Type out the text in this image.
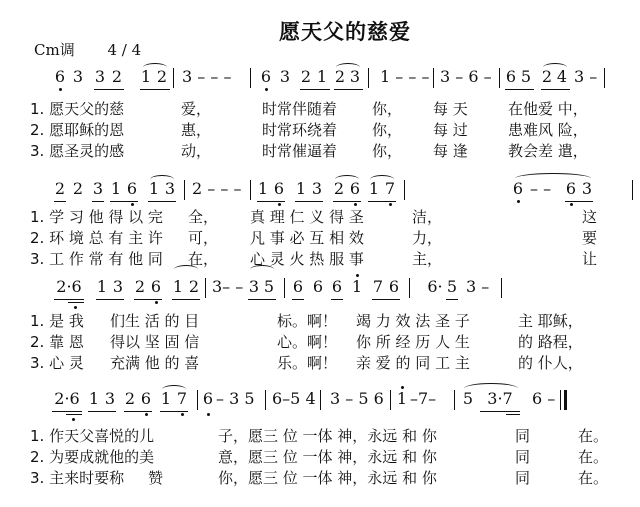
愿天父的慈爱
Cm调 4 / 4
6 3 3 2 1 2 3 – – –	6 3 2 1 2 3 1 – – – 3 – 6 – 6 5 2 4 3 –
1. 愿天父的慈	爱，	时常伴随着 你， 每 天	在他爱 中，
2. 愿耶稣的恩	惠，	时常环绕着 你， 每 过	患难风 险，
3. 愿圣灵的感	动，	时常催逼着 你， 每 逢	教会差 遣，
2 2 3 1 6 1 3 2 – – –	1 6 1 3 2 6 1 7	6 – – 6 3
1. 学 习 他 得 以 完 全， 真 理 仁 义 得 圣	洁，	这
2. 环 境 总 有 主 许 可， 凡 事 必 互 相 效	力，	要
3. 工 作 常 有 他 同 在， 心 灵 火 热 服 事	主，	让
2·6 1 3 2 6 1 2 3– – 3 5 6 6 6 1 7 6	6· 5 3 –
1. 是 我 们生 活 的 目	标。啊！ 竭 力 效 法 圣 子	主 耶稣，
2. 靠 恩 得以 坚 固 信	心。啊！ 你 所 经 历 人 生	的 路程，
3. 心 灵 充满 他 的 喜	乐。啊！ 亲 爱 的 同 工 主	的 仆人，
2·6 1 3 2 6 1 7 6 – 3 5	6–5 4 3 – 5 6 1 –7–	5 3·7	6 –
1. 作天父喜悦的儿	子，愿三 位 一体 神，永远 和 你	同	在。
2. 为要成就他的美	意，愿三 位 一体 神，永远 和 你	同	在。
3. 主来时要称 赞	你，愿三 位 一体 神，永远 和 你	同	在。
